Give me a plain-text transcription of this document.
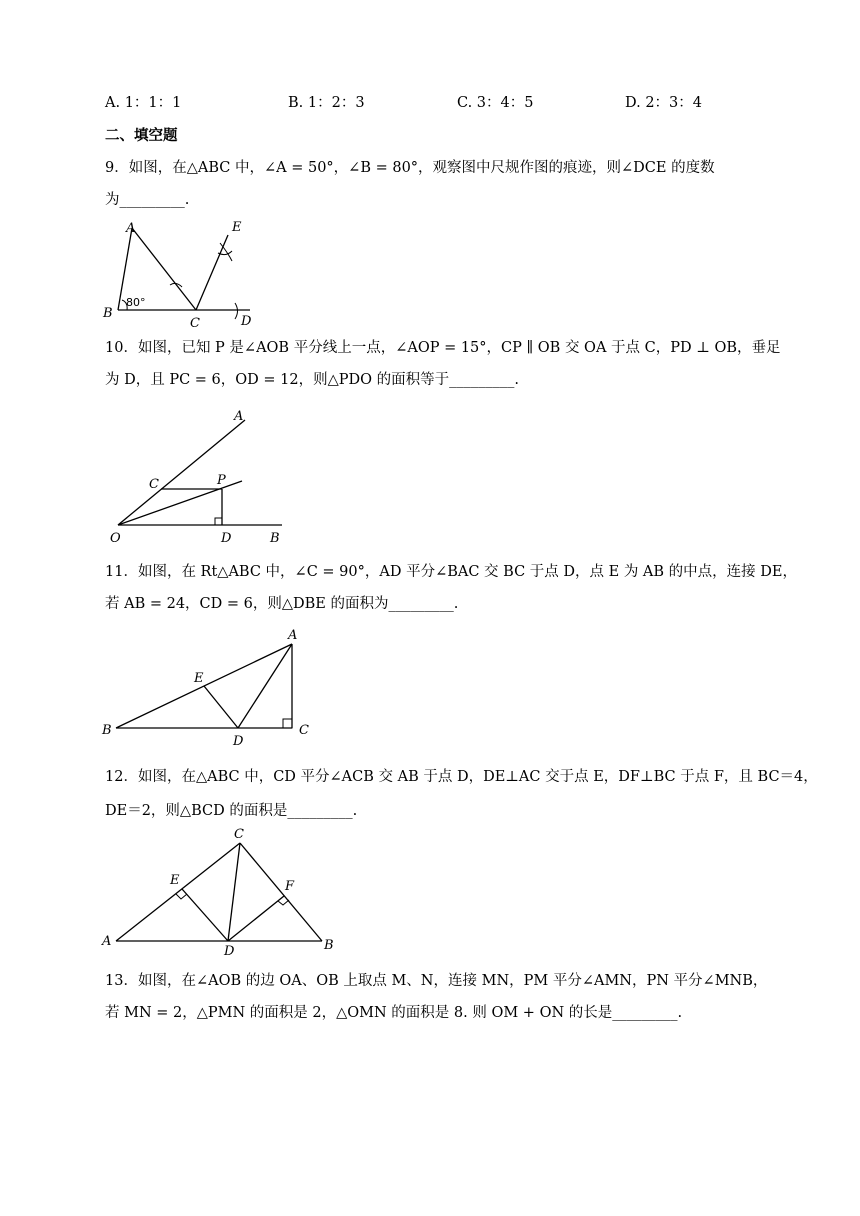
A. 1：1：1	B. 1：2：3	C. 3：4：5	D. 2：3：4
二、填空题
9．如图，在△ABC 中，∠A = 50°，∠B = 80°，观察图中尺规作图的痕迹，则∠DCE 的度数
为_________.
A	E
B
C	D
80°
10．如图，已知 P 是∠AOB 平分线上一点，∠AOP = 15°，CP ∥ OB 交 OA 于点 C，PD ⊥ OB，垂足
为 D，且 PC = 6，OD = 12，则△PDO 的面积等于_________.
A
C	P
O	D	B
11．如图，在 Rt△ABC 中，∠C = 90°，AD 平分∠BAC 交 BC 于点 D，点 E 为 AB 的中点，连接 DE，
若 AB = 24，CD = 6，则△DBE 的面积为_________.
A
E
B
D
C
12．如图，在△ABC 中，CD 平分∠ACB 交 AB 于点 D，DE⊥AC 交于点 E，DF⊥BC 于点 F，且 BC＝4，
DE＝2，则△BCD 的面积是_________.
C
E	F
A
D	B
13．如图，在∠AOB 的边 OA、OB 上取点 M、N，连接 MN，PM 平分∠AMN，PN 平分∠MNB，
若 MN = 2，△PMN 的面积是 2，△OMN 的面积是 8. 则 OM + ON 的长是_________.
